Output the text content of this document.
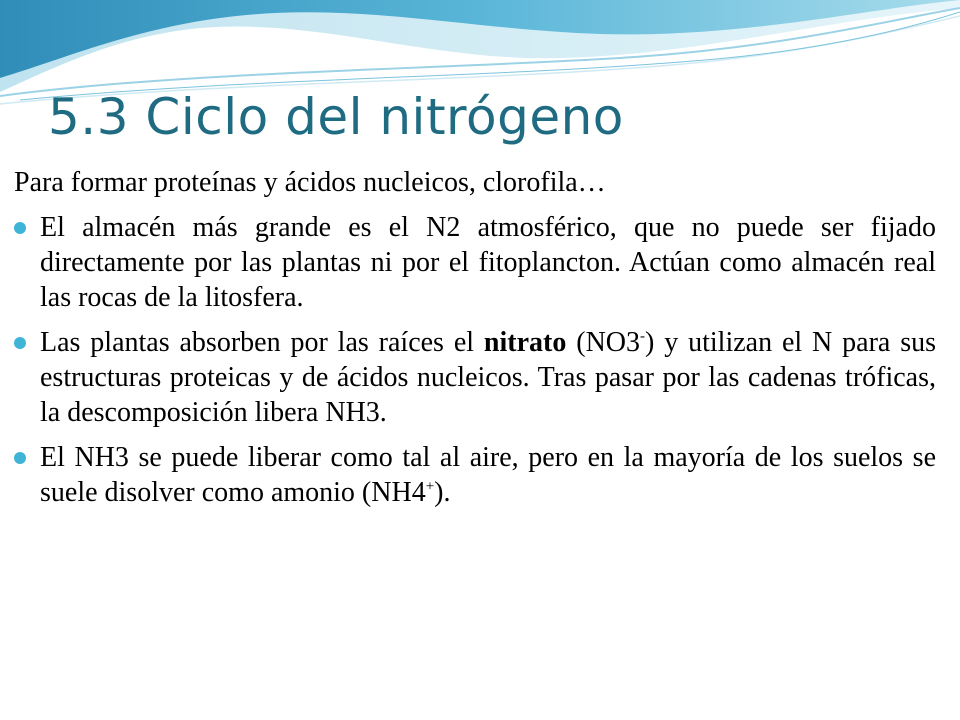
5.3 Ciclo del nitrógeno

Para formar proteínas y ácidos nucleicos, clorofila…

El almacén más grande es el N2 atmosférico, que no puede ser fijado directamente por las plantas ni por el fitoplancton. Actúan como almacén real las rocas de la litosfera.
Las plantas absorben por las raíces el nitrato (NO3-) y utilizan el N para sus estructuras proteicas y de ácidos nucleicos. Tras pasar por las cadenas tróficas, la descomposición libera NH3.
El NH3 se puede liberar como tal al aire, pero en la mayoría de los suelos se suele disolver como amonio (NH4+).
